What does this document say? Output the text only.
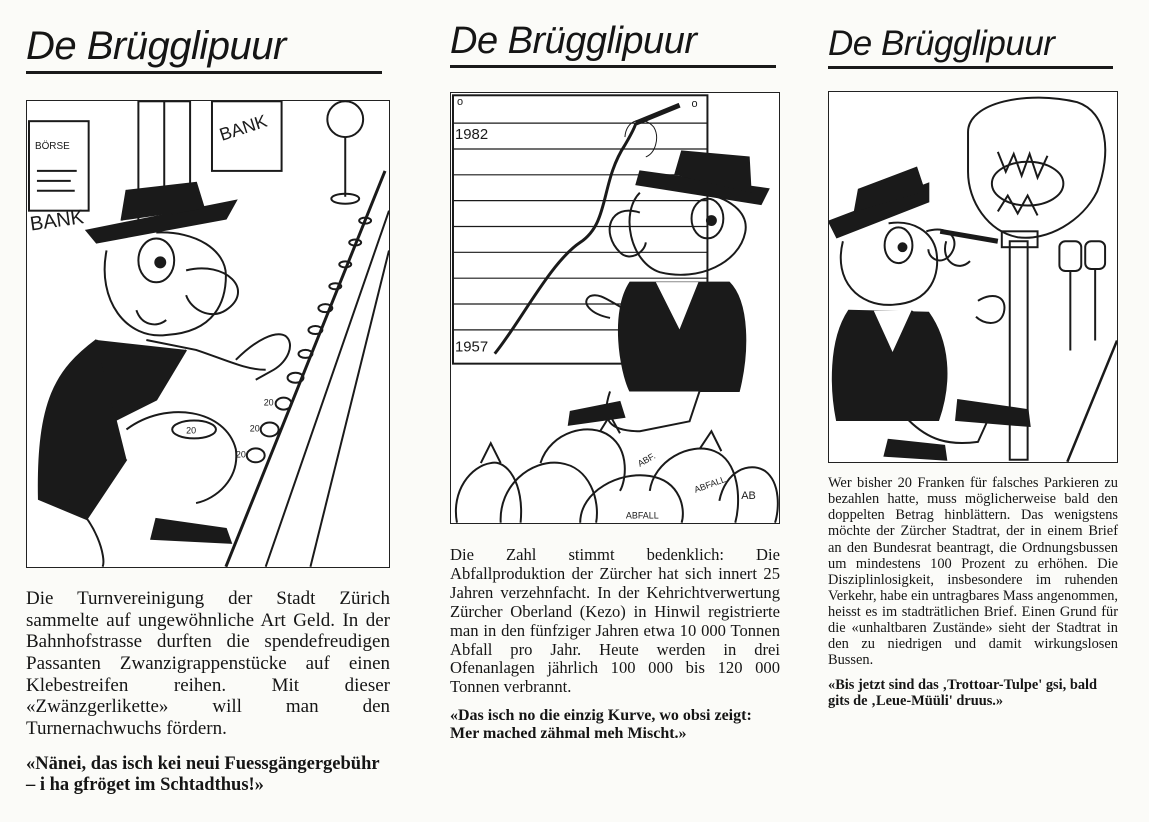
De Brügglipuur
BÖRSE
BANK
BANK
20
20
20
20
Die Turnvereinigung der Stadt Zürich sammelte auf ungewöhnliche Art Geld. In der Bahnhofstrasse durften die spendefreudigen Passanten Zwanzigrappenstücke auf einen Klebestreifen reihen. Mit dieser «Zwänzgerlikette» will man den Turnernachwuchs fördern.
«Nänei, das isch kei neui Fuessgängergebühr – i ha gfröget im Schtadthus!»
De Brügglipuur
o	o
1982
1957
ABF.
ABFALL
ABFALL
AB
Die Zahl stimmt bedenklich: Die Abfallproduktion der Zürcher hat sich innert 25 Jahren verzehnfacht. In der Kehrichtverwertung Zürcher Oberland (Kezo) in Hinwil registrierte man in den fünfziger Jahren etwa 10 000 Tonnen Abfall pro Jahr. Heute werden in drei Ofenanlagen jährlich 100 000 bis 120 000 Tonnen verbrannt.
«Das isch no die einzig Kurve, wo obsi zeigt: Mer mached zähmal meh Mischt.»
De Brügglipuur
Wer bisher 20 Franken für falsches Parkieren zu bezahlen hatte, muss möglicherweise bald den doppelten Betrag hinblättern. Das wenigstens möchte der Zürcher Stadtrat, der in einem Brief an den Bundesrat beantragt, die Ordnungsbussen um mindestens 100 Prozent zu erhöhen. Die Disziplinlosigkeit, insbesondere im ruhenden Verkehr, habe ein untragbares Mass angenommen, heisst es im stadträtlichen Brief. Einen Grund für die «unhaltbaren Zustände» sieht der Stadtrat in den zu niedrigen und damit wirkungslosen Bussen.
«Bis jetzt sind das ‚Trottoar-Tulpe' gsi, bald gits de ‚Leue-Müüli' druus.»
